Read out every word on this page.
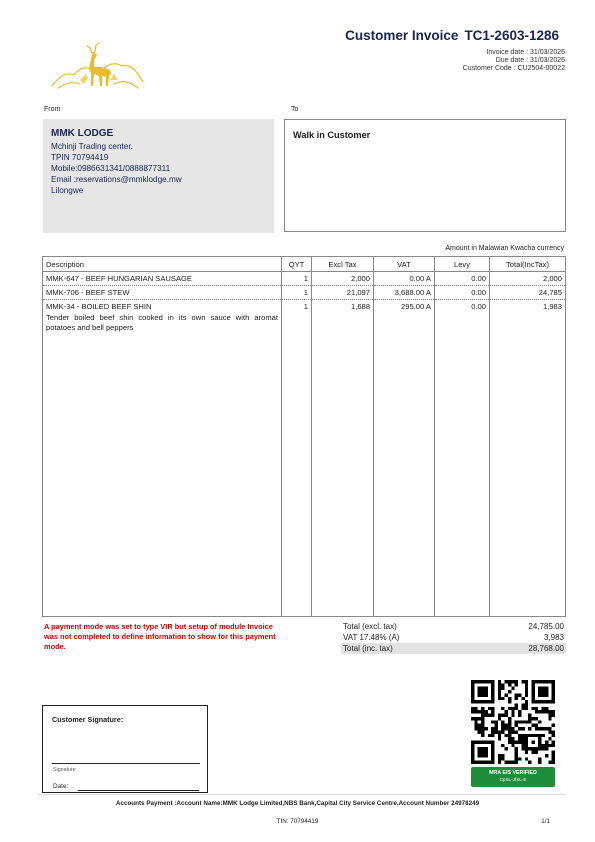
Customer Invoice TC1-2603-1286
Invoice date : 31/03/2026
Due date : 31/03/2026
Customer Code : CU2504-00022
From	To
MMK LODGE
Mchinji Trading center.
TPIN 70794419
Mobile:0986631341/0888877311
Email :reservations@mmklodge.mw
Lilongwe
Walk in Customer
Amount in Malawian Kwacha currency
Description	QYT	Excl Tax	VAT	Levy	Total(IncTax)
MMK-647 - BEEF HUNGARIAN SAUSAGE	1	2,000	0.00 A	0.00	2,000
MMK-706 - BEEF STEW	1	21,097	3,688.00 A	0.00	24,785
MMK-34 - BOILED BEEF SHIN
Tender boiled beef shin cooked in its own sauce with aromat potatoes and bell peppers	1	1,688	295.00 A	0.00	1,983

A payment mode was set to type VIR but setup of module Invoice was not completed to define information to show for this payment mode.
Total (excl. tax)	24,785.00
VAT 17.48% (A)	3,983
Total (inc. tax)	28,768.00
Customer Signature:
Signature
Date:
MRA EIS VERIFIED
CpSL-JfSL-E
Accounts Payment :Account Name:MMK Lodge Limited,NBS Bank,Capital City Service Centre,Account Number 24978249
TIN: 70794419	1/1
